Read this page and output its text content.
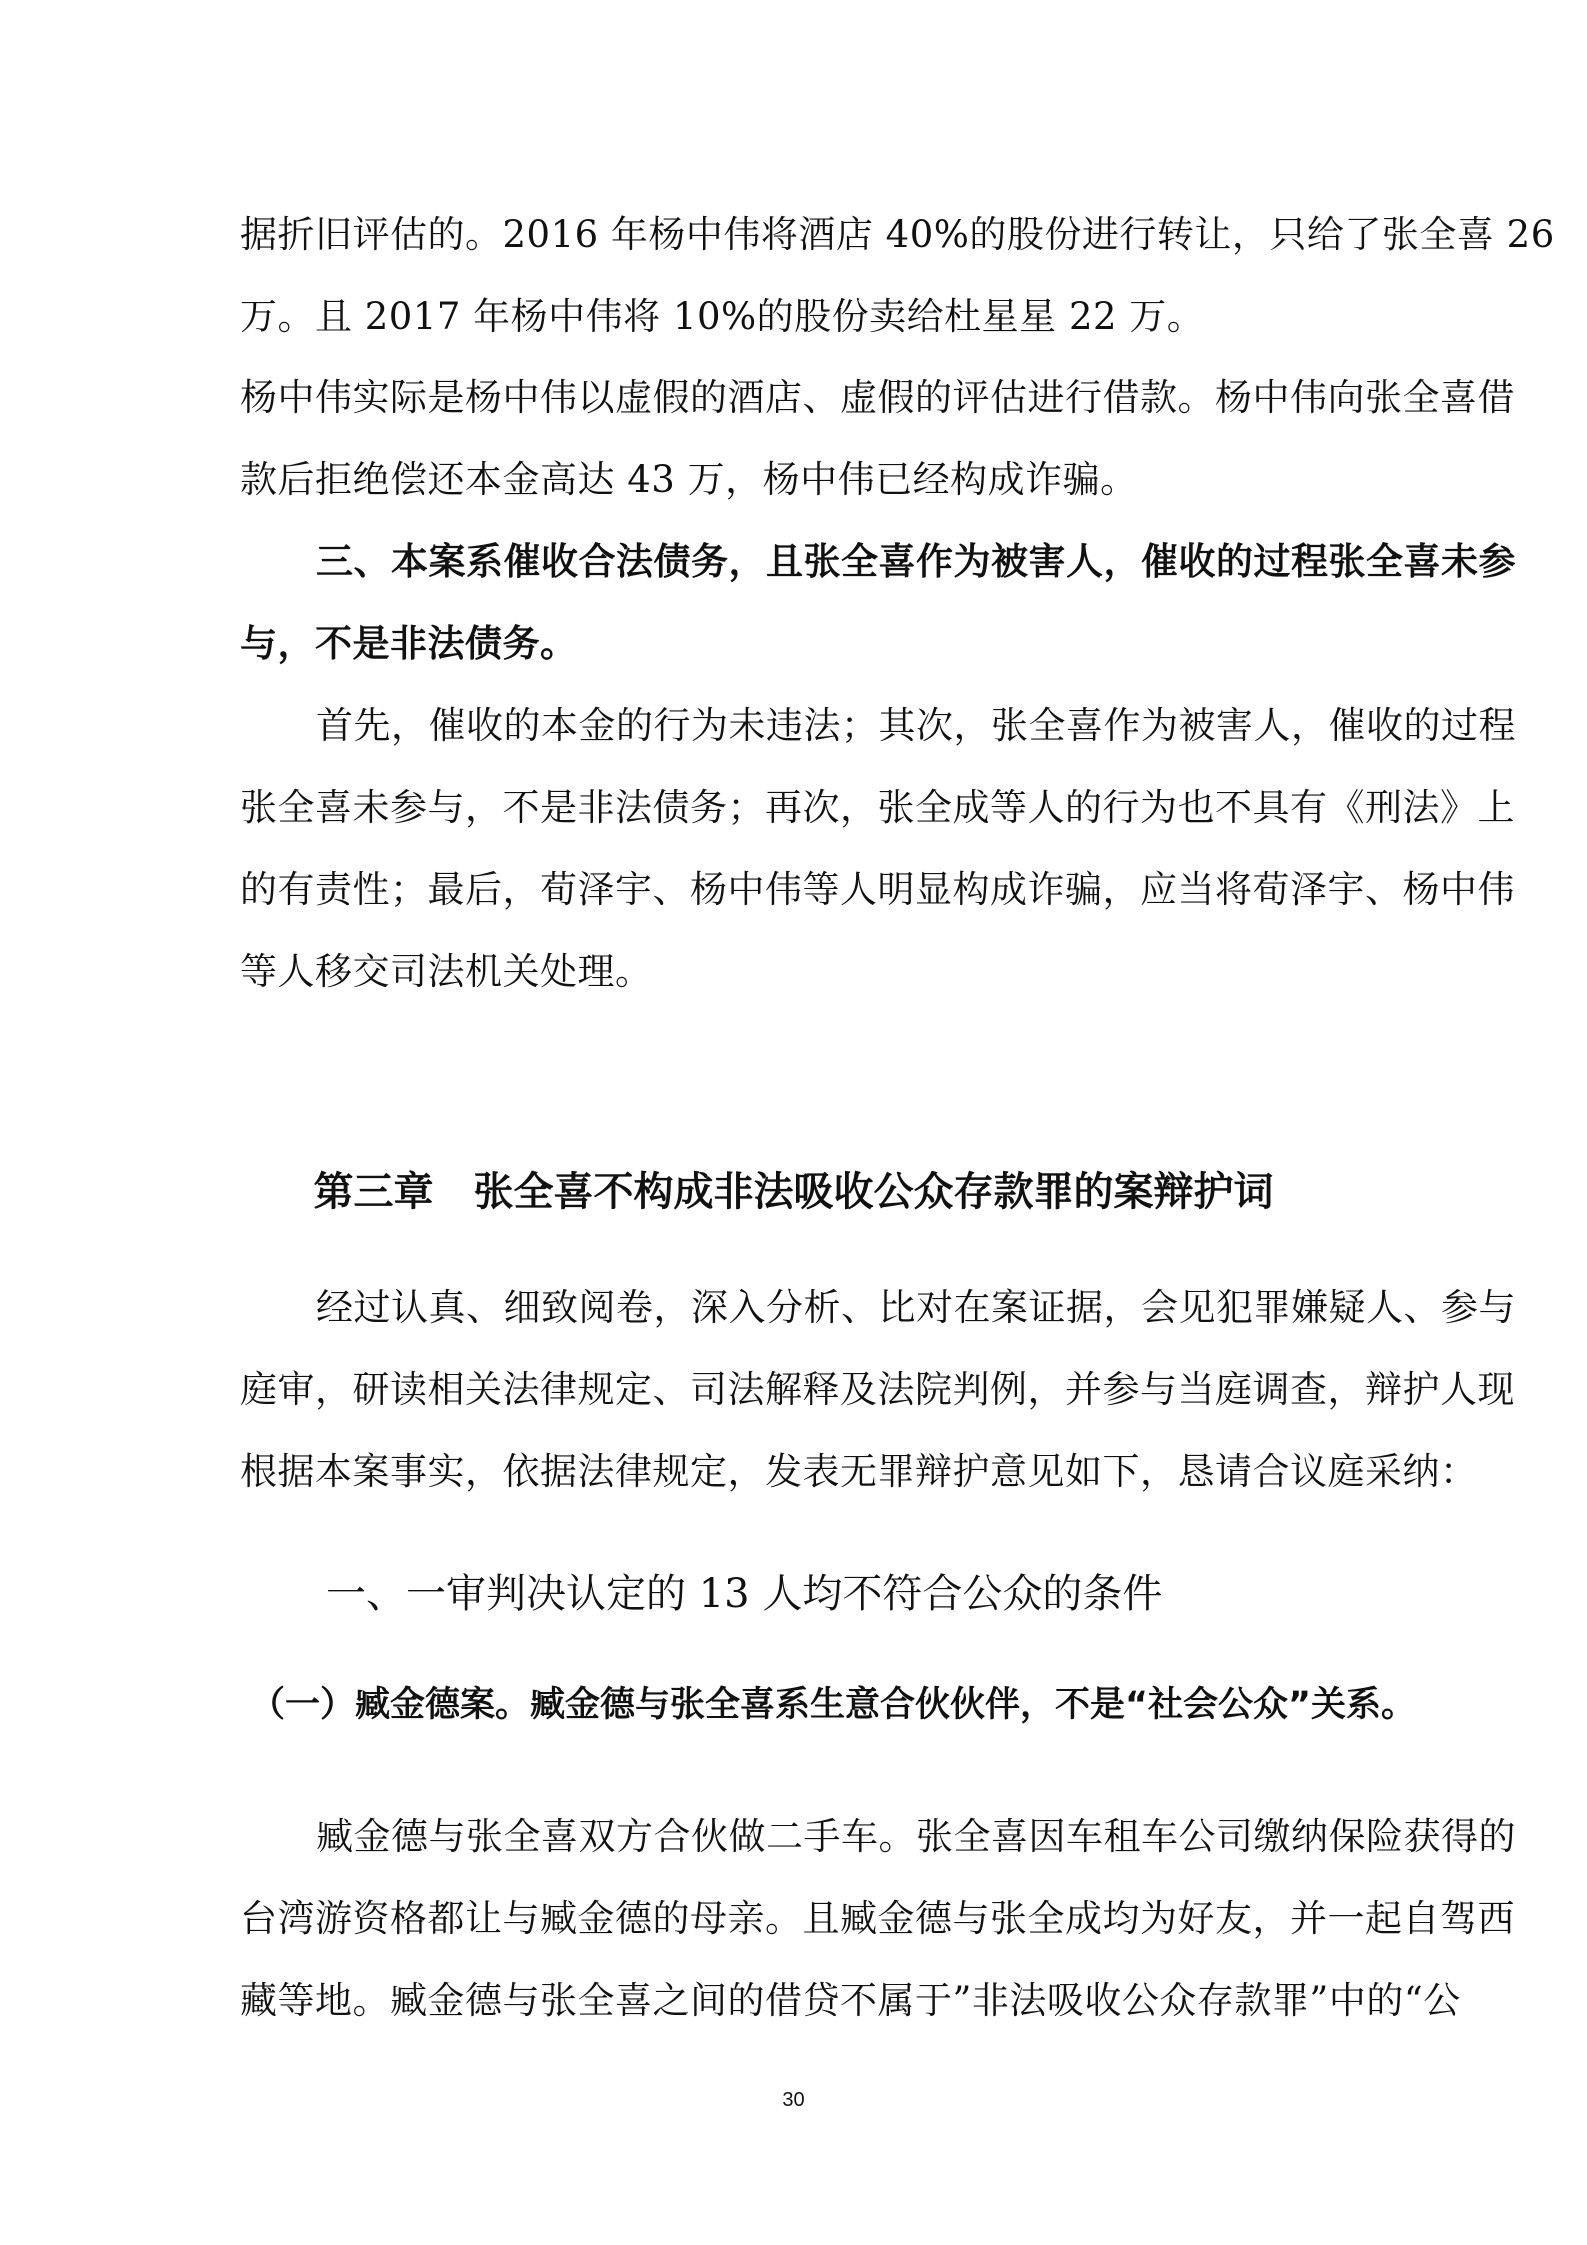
据折旧评估的。2016 年杨中伟将酒店 40%的股份进行转让，只给了张全喜 26
万。且 2017 年杨中伟将 10%的股份卖给杜星星 22 万。
杨中伟实际是杨中伟以虚假的酒店、虚假的评估进行借款。杨中伟向张全喜借
款后拒绝偿还本金高达 43 万，杨中伟已经构成诈骗。
三、本案系催收合法债务，且张全喜作为被害人，催收的过程张全喜未参
与，不是非法债务。
首先，催收的本金的行为未违法；其次，张全喜作为被害人，催收的过程
张全喜未参与，不是非法债务；再次，张全成等人的行为也不具有《刑法》上
的有责性；最后，荀泽宇、杨中伟等人明显构成诈骗，应当将荀泽宇、杨中伟
等人移交司法机关处理。
第三章　张全喜不构成非法吸收公众存款罪的案辩护词
经过认真、细致阅卷，深入分析、比对在案证据，会见犯罪嫌疑人、参与
庭审，研读相关法律规定、司法解释及法院判例，并参与当庭调查，辩护人现
根据本案事实，依据法律规定，发表无罪辩护意见如下，恳请合议庭采纳：
一、一审判决认定的 13 人均不符合公众的条件
（一）臧金德案。臧金德与张全喜系生意合伙伙伴，不是“社会公众”关系。
臧金德与张全喜双方合伙做二手车。张全喜因车租车公司缴纳保险获得的
台湾游资格都让与臧金德的母亲。且臧金德与张全成均为好友，并一起自驾西
藏等地。臧金德与张全喜之间的借贷不属于”非法吸收公众存款罪”中的“公
30
